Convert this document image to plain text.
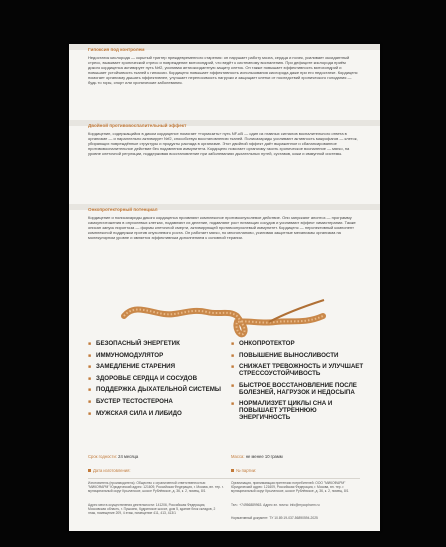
Гипоксия под контролем

Недостаток кислорода — скрытый триггер преждевременного старения: он нарушает работу мозга, сердца и почек, усиливает оксидантный стресс, вызывает хронический стресс и повреждение митохондрий, что ведёт к системному воспалению. При дефиците кислорода приём дикого кордицепса активирует путь Nrf2, усиливая антиоксидантную защиту клеток. Он также повышает эффективность митохондрий и повышает устойчивость тканей к гипоксии. Кордицепс повышает эффективность использования кислорода даже при его недостатке. Кордицепс помогает организму дышать эффективнее, улучшает переносимость нагрузки и защищает клетки от последствий хронического голодания — будь то горы, спорт или хронические заболевания.

Двойной противовоспалительный эффект

Кордицепин, содержащийся в диком кордицепсе помогает «тормозить» путь NF-κB — один из главных сигналов воспалительного ответа в организме — и параллельно активирует Nrf2, способствуя восстановлению тканей. Полисахариды усиливают активность макрофагов — клеток, убирающих повреждённые структуры и продукты распада в организме. Этот двойной эффект даёт выраженное и сбалансированное противовоспалительное действие без подавления иммунитета. Кордицепс помогает организму гасить хроническое воспаление — мягко, на уровне клеточной регуляции, поддерживая восстановление при заболеваниях дыхательных путей, суставов, кожи и иммунной системы.

Онкопротекторный потенциал

Кордицепин и полисахариды дикого кордицепса проявляют комплексное противоопухолевое действие. Они запускают апоптоз — программу самоуничтожения в опухолевых клетках, подавляют их деление, подавляют рост питающих сосудов и усиливают эффект химиотерапии. Также описан запуск пироптоза — формы клеточной смерти, активирующей противоопухолевый иммунитет. Кордицепс — перспективный компонент комплексной поддержки против опухолевого роста. Он работает мягко, но многопланово, усиливая защитные механизмы организма на молекулярном уровне и является эффективным дополнением к основной терапии.

■ БЕЗОПАСНЫЙ ЭНЕРГЕТИК
■ ИММУНОМОДУЛЯТОР
■ ЗАМЕДЛЕНИЕ СТАРЕНИЯ
■ ЗДОРОВЬЕ СЕРДЦА И СОСУДОВ
■ ПОДДЕРЖКА ДЫХАТЕЛЬНОЙ СИСТЕМЫ
■ БУСТЕР ТЕСТОСТЕРОНА
■ МУЖСКАЯ СИЛА И ЛИБИДО
■ ОНКОПРОТЕКТОР
■ ПОВЫШЕНИЕ ВЫНОСЛИВОСТИ
■ СНИЖАЕТ ТРЕВОЖНОСТЬ И УЛУЧШАЕТ СТРЕССОУСТОЙЧИВОСТЬ
■ БЫСТРОЕ ВОССТАНОВЛЕНИЕ ПОСЛЕ БОЛЕЗНЕЙ, НАГРУЗОК И НЕДОСЫПА
■ НОРМАЛИЗУЕТ ЦИКЛЫ СНА И ПОВЫШАЕТ УТРЕННЮЮ ЭНЕРГИЧНОСТЬ
Срок годности: 24 месяца	Масса: не менее 10 грамм
Дата изготовления:	№ партии:

Изготовитель (производитель): Общество с ограниченной ответственностью "МИКОФАРМ" Юридический адрес: 121609, Российская Федерация, г. Москва, вн. тер. г. муниципальный округ Крылатское, шоссе Рублёвское, д. 36, к. 2, помещ. 8/1

Адрес места осуществления деятельности: 141206, Российская Федерация, Московская область, г. Пушкино, Кудринское шоссе, дом 5, здание блок складов, 2 этаж, помещение 209, 4 этаж, помещение 411, 413, 413/1

Организация, принимающая претензии потребителей: ООО "МИКОФАРМ" Юридический адрес: 121609, Российская Федерация, г. Москва, вн. тер. г. муниципальный округ Крылатское, шоссе Рублёвское, д. 36, к. 2, помещ. 8/1

Тел.: +74956889963. Адрес эл. почты: info@mycopharm.ru

Нормативный документ: ТУ 10.89.19-037-56890594-2025
